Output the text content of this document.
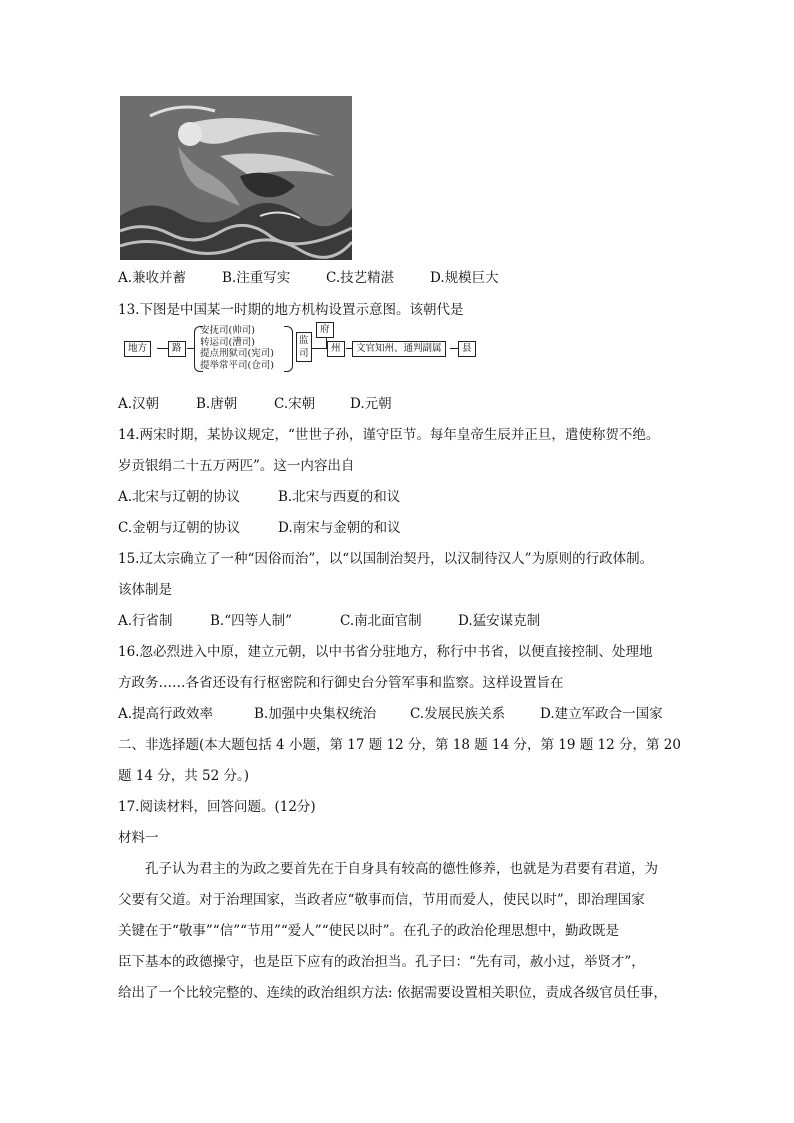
A.兼收并蓄	B.注重写实	C.技艺精湛	D.规模巨大
13.下图是中国某一时期的地方机构设置示意图。该朝代是
地方	路
安抚司(帅司)
转运司(漕司)
提点刑狱司(宪司)
提举常平司(仓司)
监司
府
州	文官知州、通判副属	县
A.汉朝	B.唐朝	C.宋朝	D.元朝
14.两宋时期，某协议规定，“世世子孙，谨守臣节。每年皇帝生辰并正旦，遣使称贺不绝。
岁贡银绢二十五万两匹”。这一内容出自
A.北宋与辽朝的协议	B.北宋与西夏的和议
C.金朝与辽朝的协议	D.南宋与金朝的和议
15.辽太宗确立了一种“因俗而治”，以“以国制治契丹，以汉制待汉人”为原则的行政体制。
该体制是
A.行省制	B.“四等人制”	C.南北面官制	D.猛安谋克制
16.忽必烈进入中原，建立元朝，以中书省分驻地方，称行中书省，以便直接控制、处理地
方政务……各省还设有行枢密院和行御史台分管军事和监察。这样设置旨在
A.提高行政效率	B.加强中央集权统治	C.发展民族关系	D.建立军政合一国家
二、非选择题(本大题包括 4 小题，第 17 题 12 分，第 18 题 14 分，第 19 题 12 分，第 20
题 14 分，共 52 分。)
17.阅读材料，回答问题。(12分)
材料一
孔子认为君主的为政之要首先在于自身具有较高的德性修养，也就是为君要有君道，为
父要有父道。对于治理国家，当政者应“敬事而信，节用而爱人，使民以时”，即治理国家
关键在于“敬事”“信”“节用”“爱人”“使民以时”。在孔子的政治伦理思想中，勤政既是
臣下基本的政德操守，也是臣下应有的政治担当。孔子曰：“先有司，赦小过，举贤才”，
给出了一个比较完整的、连续的政治组织方法: 依据需要设置相关职位，责成各级官员任事，
